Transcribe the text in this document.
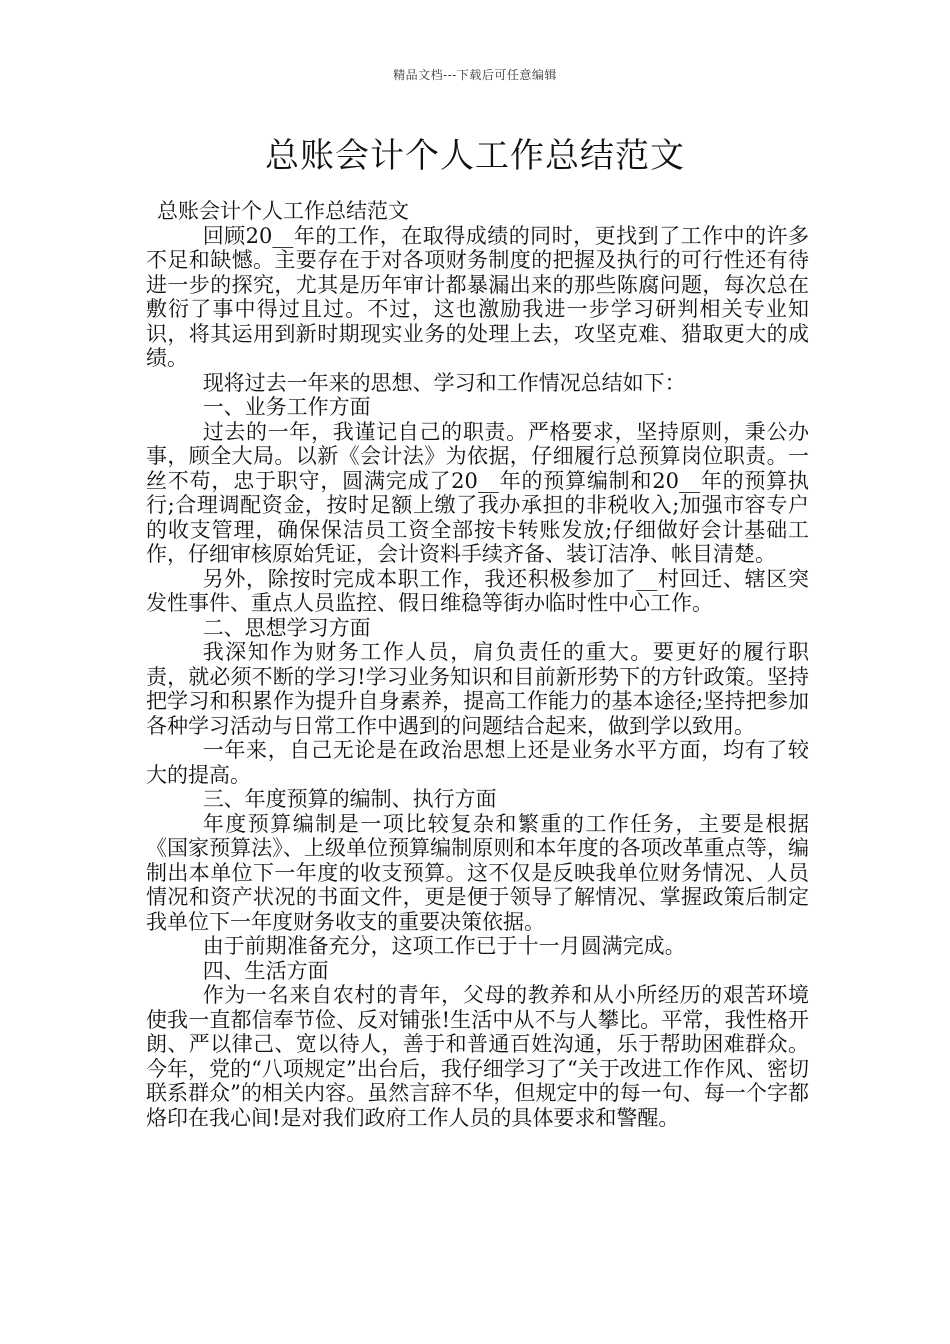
精品文档---下载后可任意编辑
总账会计个人工作总结范文

总账会计个人工作总结范文

回顾20__年的工作，在取得成绩的同时，更找到了工作中的许多不足和缺憾。主要存在于对各项财务制度的把握及执行的可行性还有待进一步的探究，尤其是历年审计都暴漏出来的那些陈腐问题，每次总在敷衍了事中得过且过。不过，这也激励我进一步学习研判相关专业知识，将其运用到新时期现实业务的处理上去，攻坚克难、猎取更大的成绩。

现将过去一年来的思想、学习和工作情况总结如下：

一、业务工作方面

过去的一年，我谨记自己的职责。严格要求，坚持原则，秉公办事，顾全大局。以新《会计法》为依据，仔细履行总预算岗位职责。一丝不苟，忠于职守，圆满完成了20__年的预算编制和20__年的预算执行;合理调配资金，按时足额上缴了我办承担的非税收入;加强市容专户的收支管理，确保保洁员工资全部按卡转账发放;仔细做好会计基础工作，仔细审核原始凭证，会计资料手续齐备、装订洁净、帐目清楚。

另外，除按时完成本职工作，我还积极参加了__村回迁、辖区突发性事件、重点人员监控、假日维稳等街办临时性中心工作。

二、思想学习方面

我深知作为财务工作人员，肩负责任的重大。要更好的履行职责，就必须不断的学习!学习业务知识和目前新形势下的方针政策。坚持把学习和积累作为提升自身素养，提高工作能力的基本途径;坚持把参加各种学习活动与日常工作中遇到的问题结合起来，做到学以致用。

一年来，自己无论是在政治思想上还是业务水平方面，均有了较大的提高。

三、年度预算的编制、执行方面

年度预算编制是一项比较复杂和繁重的工作任务，主要是根据《国家预算法》、上级单位预算编制原则和本年度的各项改革重点等，编制出本单位下一年度的收支预算。这不仅是反映我单位财务情况、人员情况和资产状况的书面文件，更是便于领导了解情况、掌握政策后制定我单位下一年度财务收支的重要决策依据。

由于前期准备充分，这项工作已于十一月圆满完成。

四、生活方面

作为一名来自农村的青年，父母的教养和从小所经历的艰苦环境使我一直都信奉节俭、反对铺张!生活中从不与人攀比。平常，我性格开朗、严以律己、宽以待人，善于和普通百姓沟通，乐于帮助困难群众。今年，党的“八项规定”出台后，我仔细学习了“关于改进工作作风、密切联系群众”的相关内容。虽然言辞不华，但规定中的每一句、每一个字都烙印在我心间!是对我们政府工作人员的具体要求和警醒。
